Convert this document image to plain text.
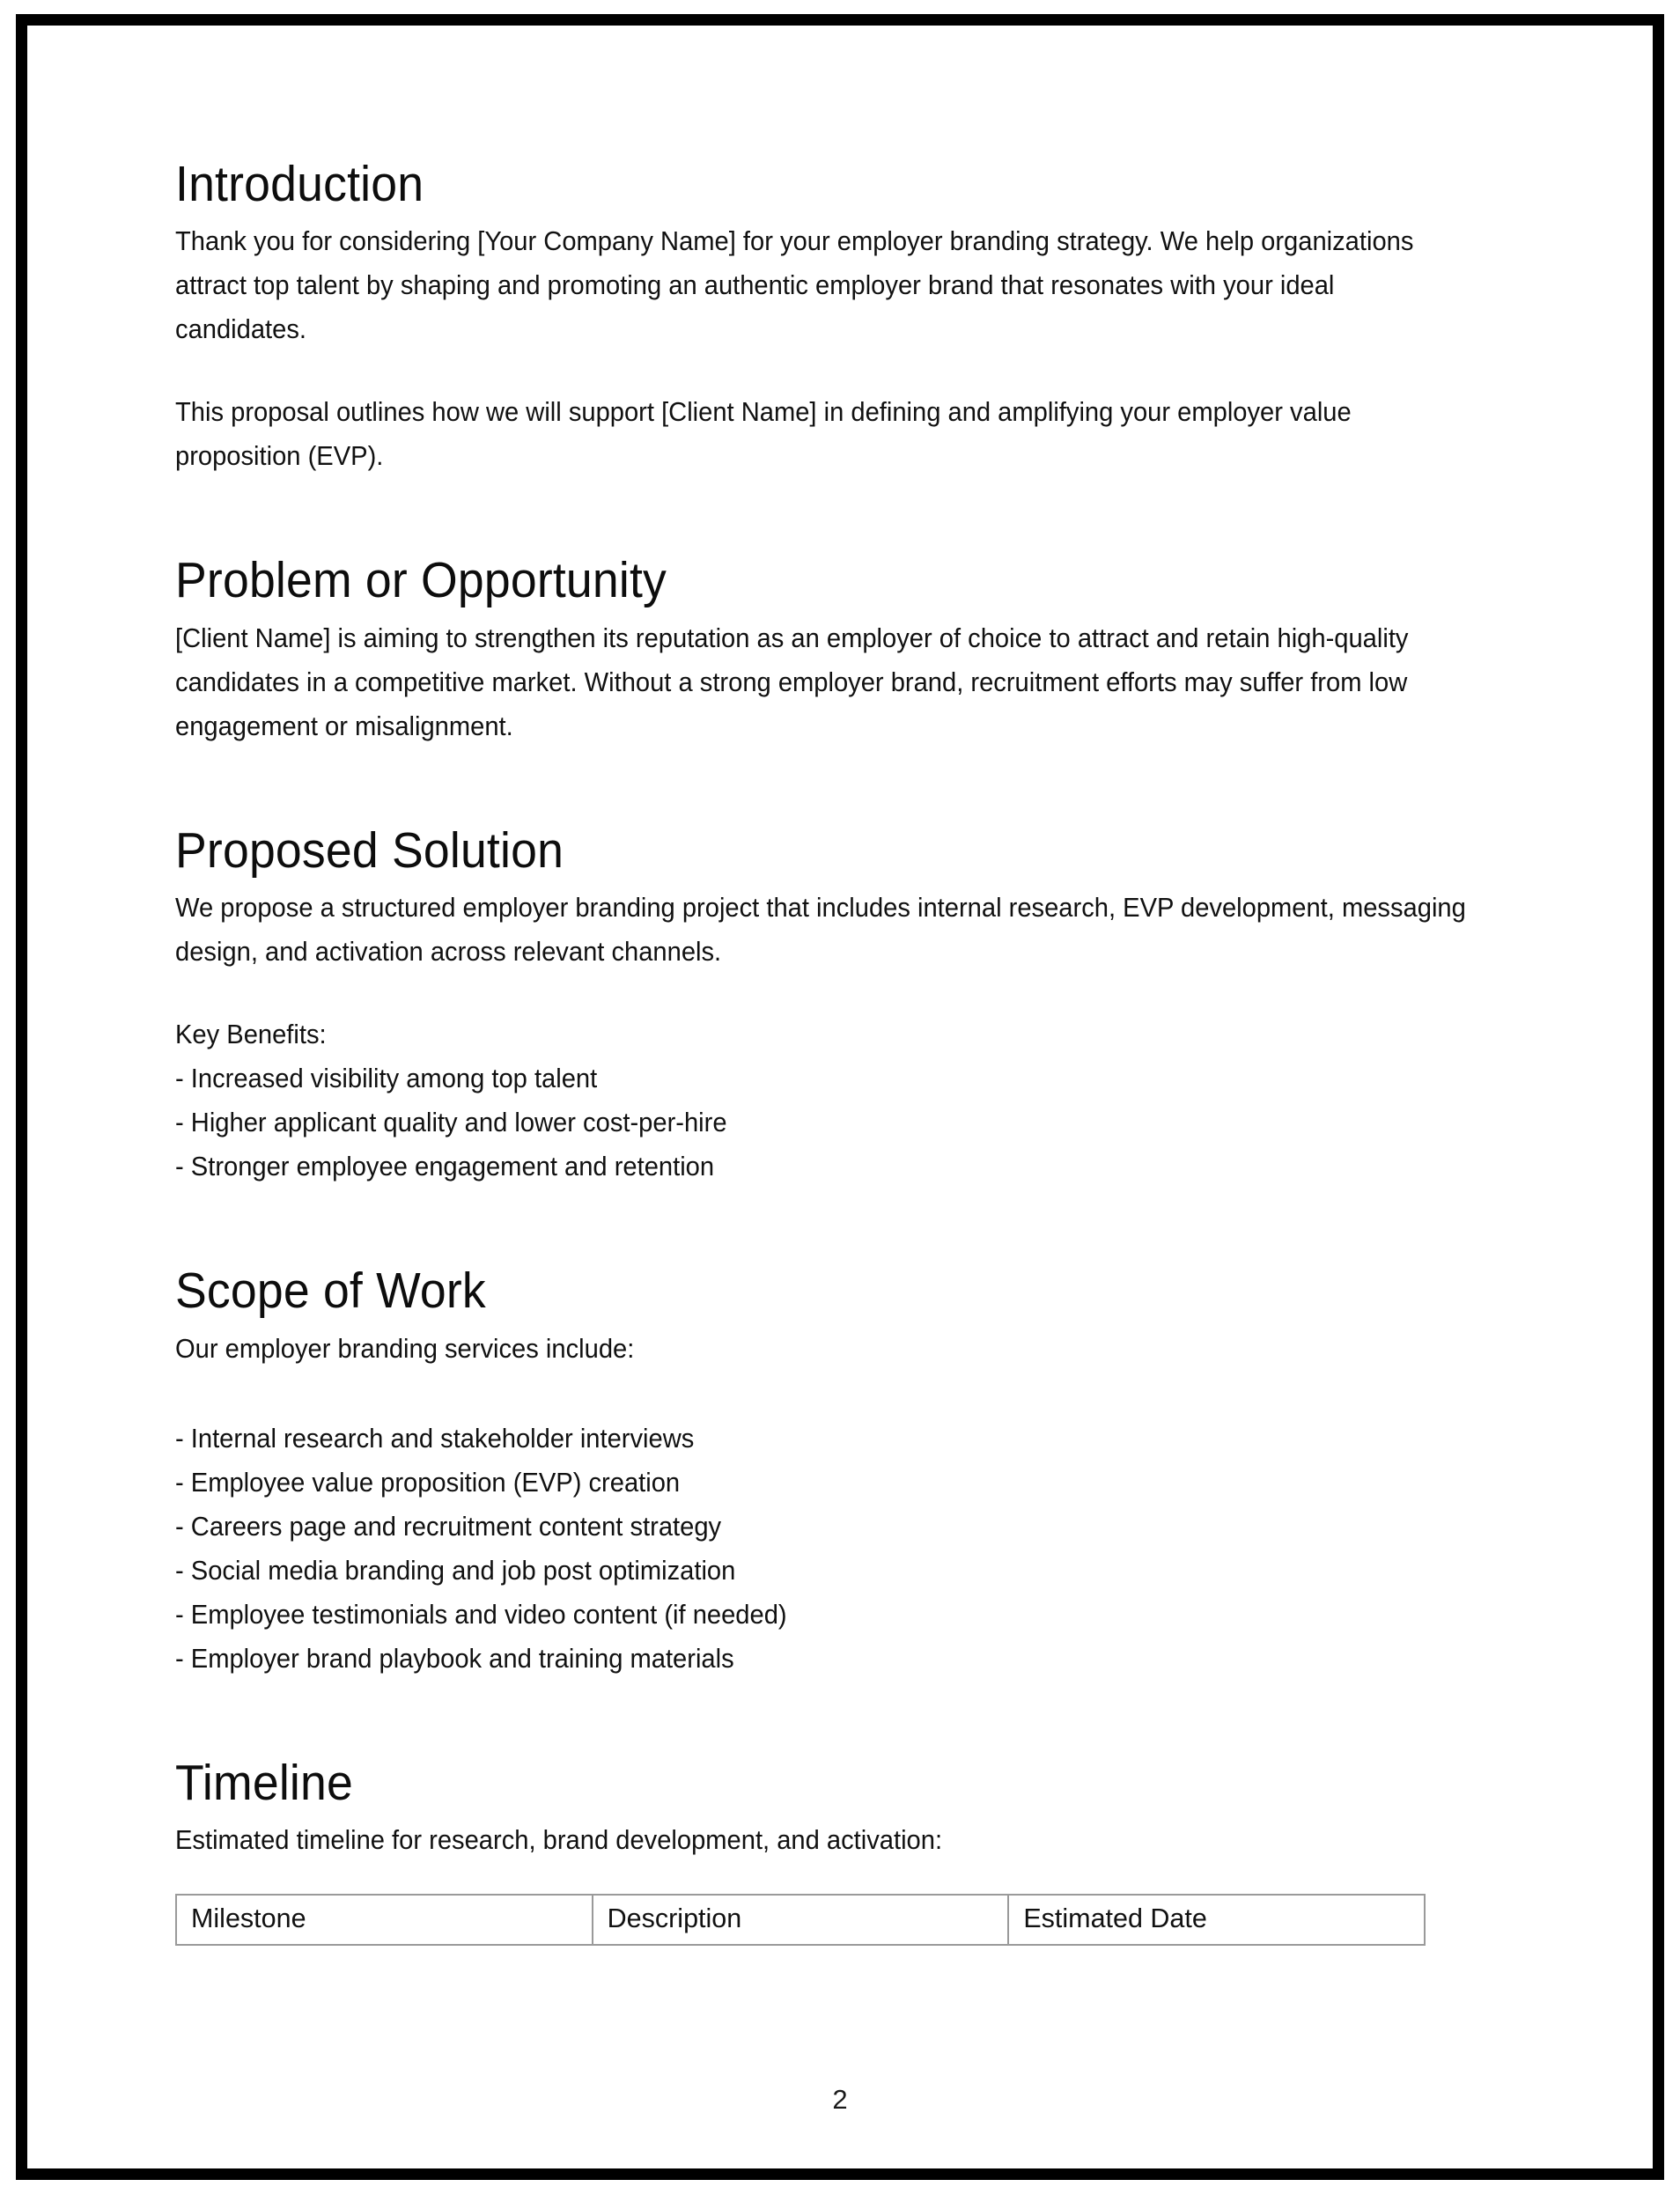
Introduction

Thank you for considering [Your Company Name] for your employer branding strategy. We help organizations attract top talent by shaping and promoting an authentic employer brand that resonates with your ideal candidates.

This proposal outlines how we will support [Client Name] in defining and amplifying your employer value proposition (EVP).

Problem or Opportunity

[Client Name] is aiming to strengthen its reputation as an employer of choice to attract and retain high-quality candidates in a competitive market. Without a strong employer brand, recruitment efforts may suffer from low engagement or misalignment.

Proposed Solution

We propose a structured employer branding project that includes internal research, EVP development, messaging design, and activation across relevant channels.

Key Benefits:
- Increased visibility among top talent
- Higher applicant quality and lower cost-per-hire
- Stronger employee engagement and retention
Scope of Work

Our employer branding services include:

- Internal research and stakeholder interviews
- Employee value proposition (EVP) creation
- Careers page and recruitment content strategy
- Social media branding and job post optimization
- Employee testimonials and video content (if needed)
- Employer brand playbook and training materials
Timeline

Estimated timeline for research, brand development, and activation:

Milestone	Description	Estimated Date
2
